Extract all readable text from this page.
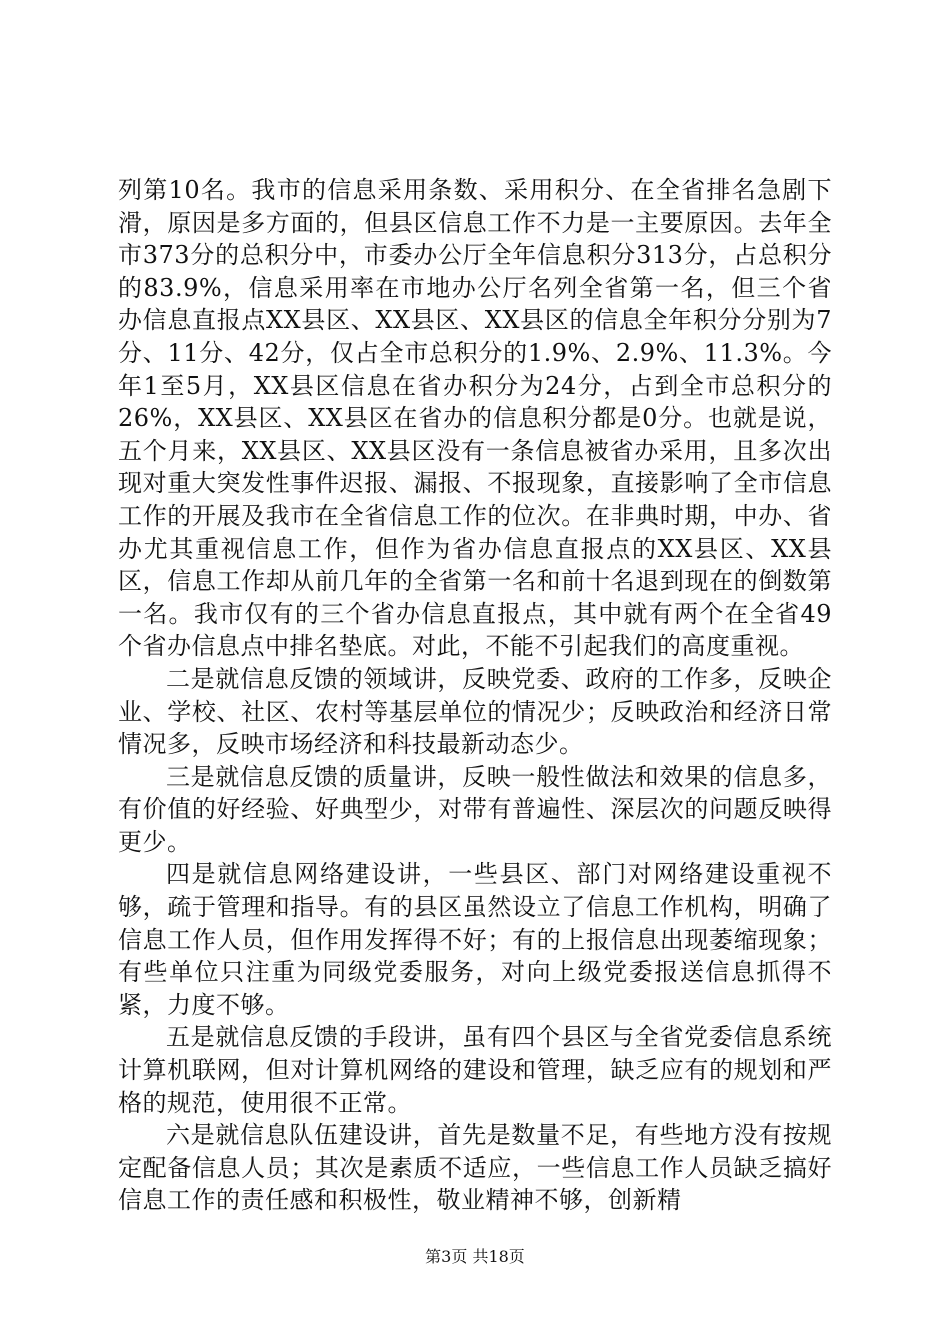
列第10名。我市的信息采用条数、采用积分、在全省排名急剧下滑，原因是多方面的，但县区信息工作不力是一主要原因。去年全市373分的总积分中，市委办公厅全年信息积分313分，占总积分的83.9%，信息采用率在市地办公厅名列全省第一名，但三个省办信息直报点XX县区、XX县区、XX县区的信息全年积分分别为7分、11分、42分，仅占全市总积分的1.9%、2.9%、11.3%。今年1至5月，XX县区信息在省办积分为24分，占到全市总积分的26%，XX县区、XX县区在省办的信息积分都是0分。也就是说，五个月来，XX县区、XX县区没有一条信息被省办采用，且多次出现对重大突发性事件迟报、漏报、不报现象，直接影响了全市信息工作的开展及我市在全省信息工作的位次。在非典时期，中办、省办尤其重视信息工作，但作为省办信息直报点的XX县区、XX县区，信息工作却从前几年的全省第一名和前十名退到现在的倒数第一名。我市仅有的三个省办信息直报点，其中就有两个在全省49个省办信息点中排名垫底。对此，不能不引起我们的高度重视。

二是就信息反馈的领域讲，反映党委、政府的工作多，反映企业、学校、社区、农村等基层单位的情况少；反映政治和经济日常情况多，反映市场经济和科技最新动态少。

三是就信息反馈的质量讲，反映一般性做法和效果的信息多，有价值的好经验、好典型少，对带有普遍性、深层次的问题反映得更少。

四是就信息网络建设讲，一些县区、部门对网络建设重视不够，疏于管理和指导。有的县区虽然设立了信息工作机构，明确了信息工作人员，但作用发挥得不好；有的上报信息出现萎缩现象；有些单位只注重为同级党委服务，对向上级党委报送信息抓得不紧，力度不够。

五是就信息反馈的手段讲，虽有四个县区与全省党委信息系统计算机联网，但对计算机网络的建设和管理，缺乏应有的规划和严格的规范，使用很不正常。

六是就信息队伍建设讲，首先是数量不足，有些地方没有按规定配备信息人员；其次是素质不适应，一些信息工作人员缺乏搞好信息工作的责任感和积极性，敬业精神不够，创新精

第3页 共18页
